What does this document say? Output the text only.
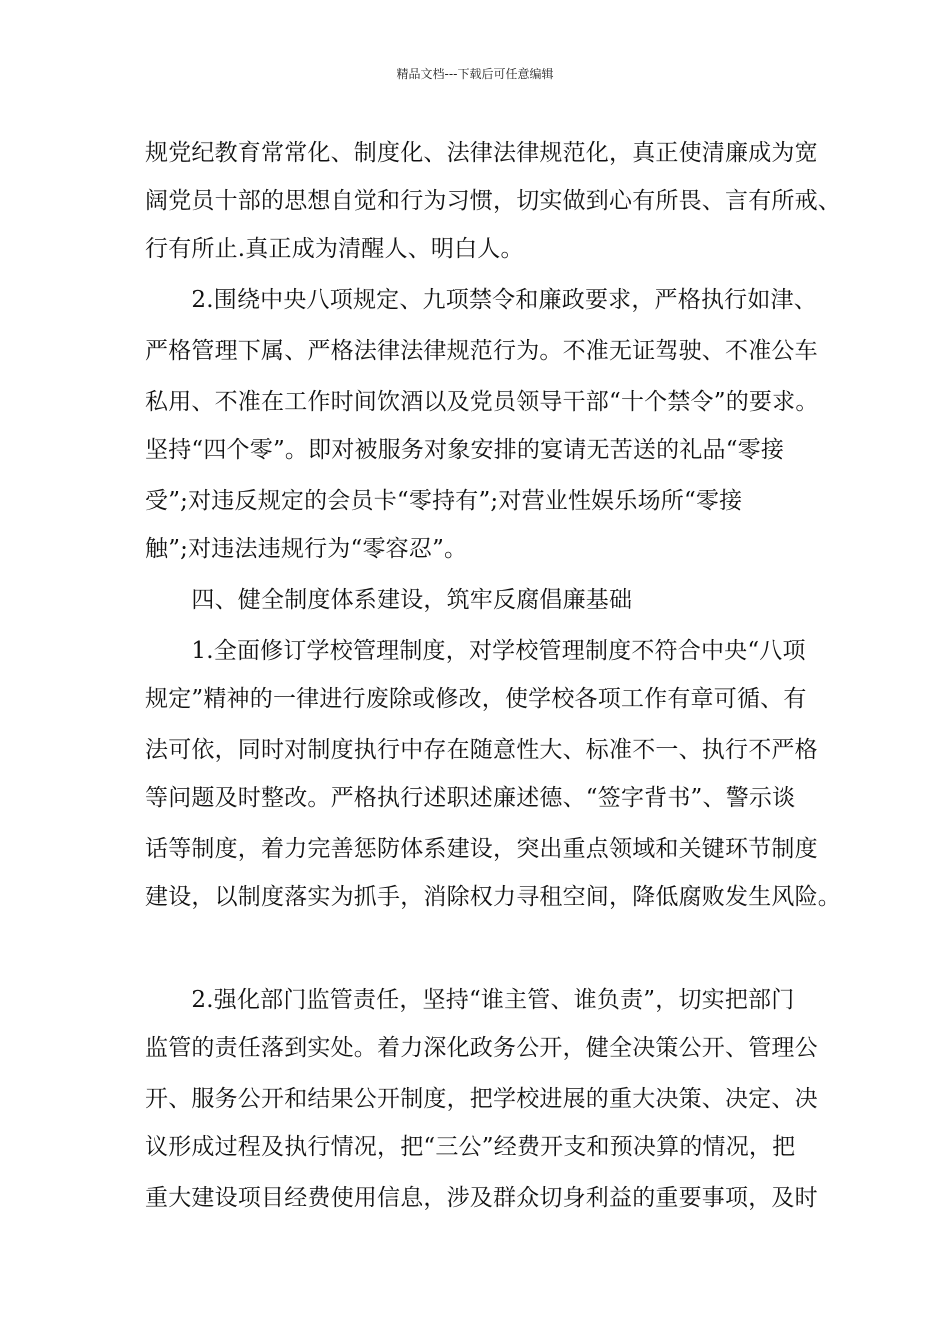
精品文档---下载后可任意编辑
规党纪教育常常化、制度化、法律法律规范化，真正使清廉成为宽
阔党员十部的思想自觉和行为习惯，切实做到心有所畏、言有所戒、
行有所止.真正成为清醒人、明白人。
　　2.围绕中央八项规定、九项禁令和廉政要求，严格执行如津、
严格管理下属、严格法律法律规范行为。不准无证驾驶、不准公车
私用、不准在工作时间饮酒以及党员领导干部“十个禁令”的要求。
坚持“四个零”。即对被服务对象安排的宴请无苦送的礼品“零接
受”;对违反规定的会员卡“零持有”;对营业性娱乐场所“零接
触”;对违法违规行为“零容忍”。
　　四、健全制度体系建设，筑牢反腐倡廉基础
　　1.全面修订学校管理制度，对学校管理制度不符合中央“八项
规定”精神的一律进行废除或修改，使学校各项工作有章可循、有
法可依，同时对制度执行中存在随意性大、标准不一、执行不严格
等问题及时整改。严格执行述职述廉述德、“签字背书”、警示谈
话等制度，着力完善惩防体系建设，突出重点领域和关键环节制度
建设，以制度落实为抓手，消除权力寻租空间，降低腐败发生风险。
　　2.强化部门监管责任，坚持“谁主管、谁负责”，切实把部门
监管的责任落到实处。着力深化政务公开，健全决策公开、管理公
开、服务公开和结果公开制度，把学校进展的重大决策、决定、决
议形成过程及执行情况，把“三公”经费开支和预决算的情况，把
重大建设项目经费使用信息，涉及群众切身利益的重要事项，及时
